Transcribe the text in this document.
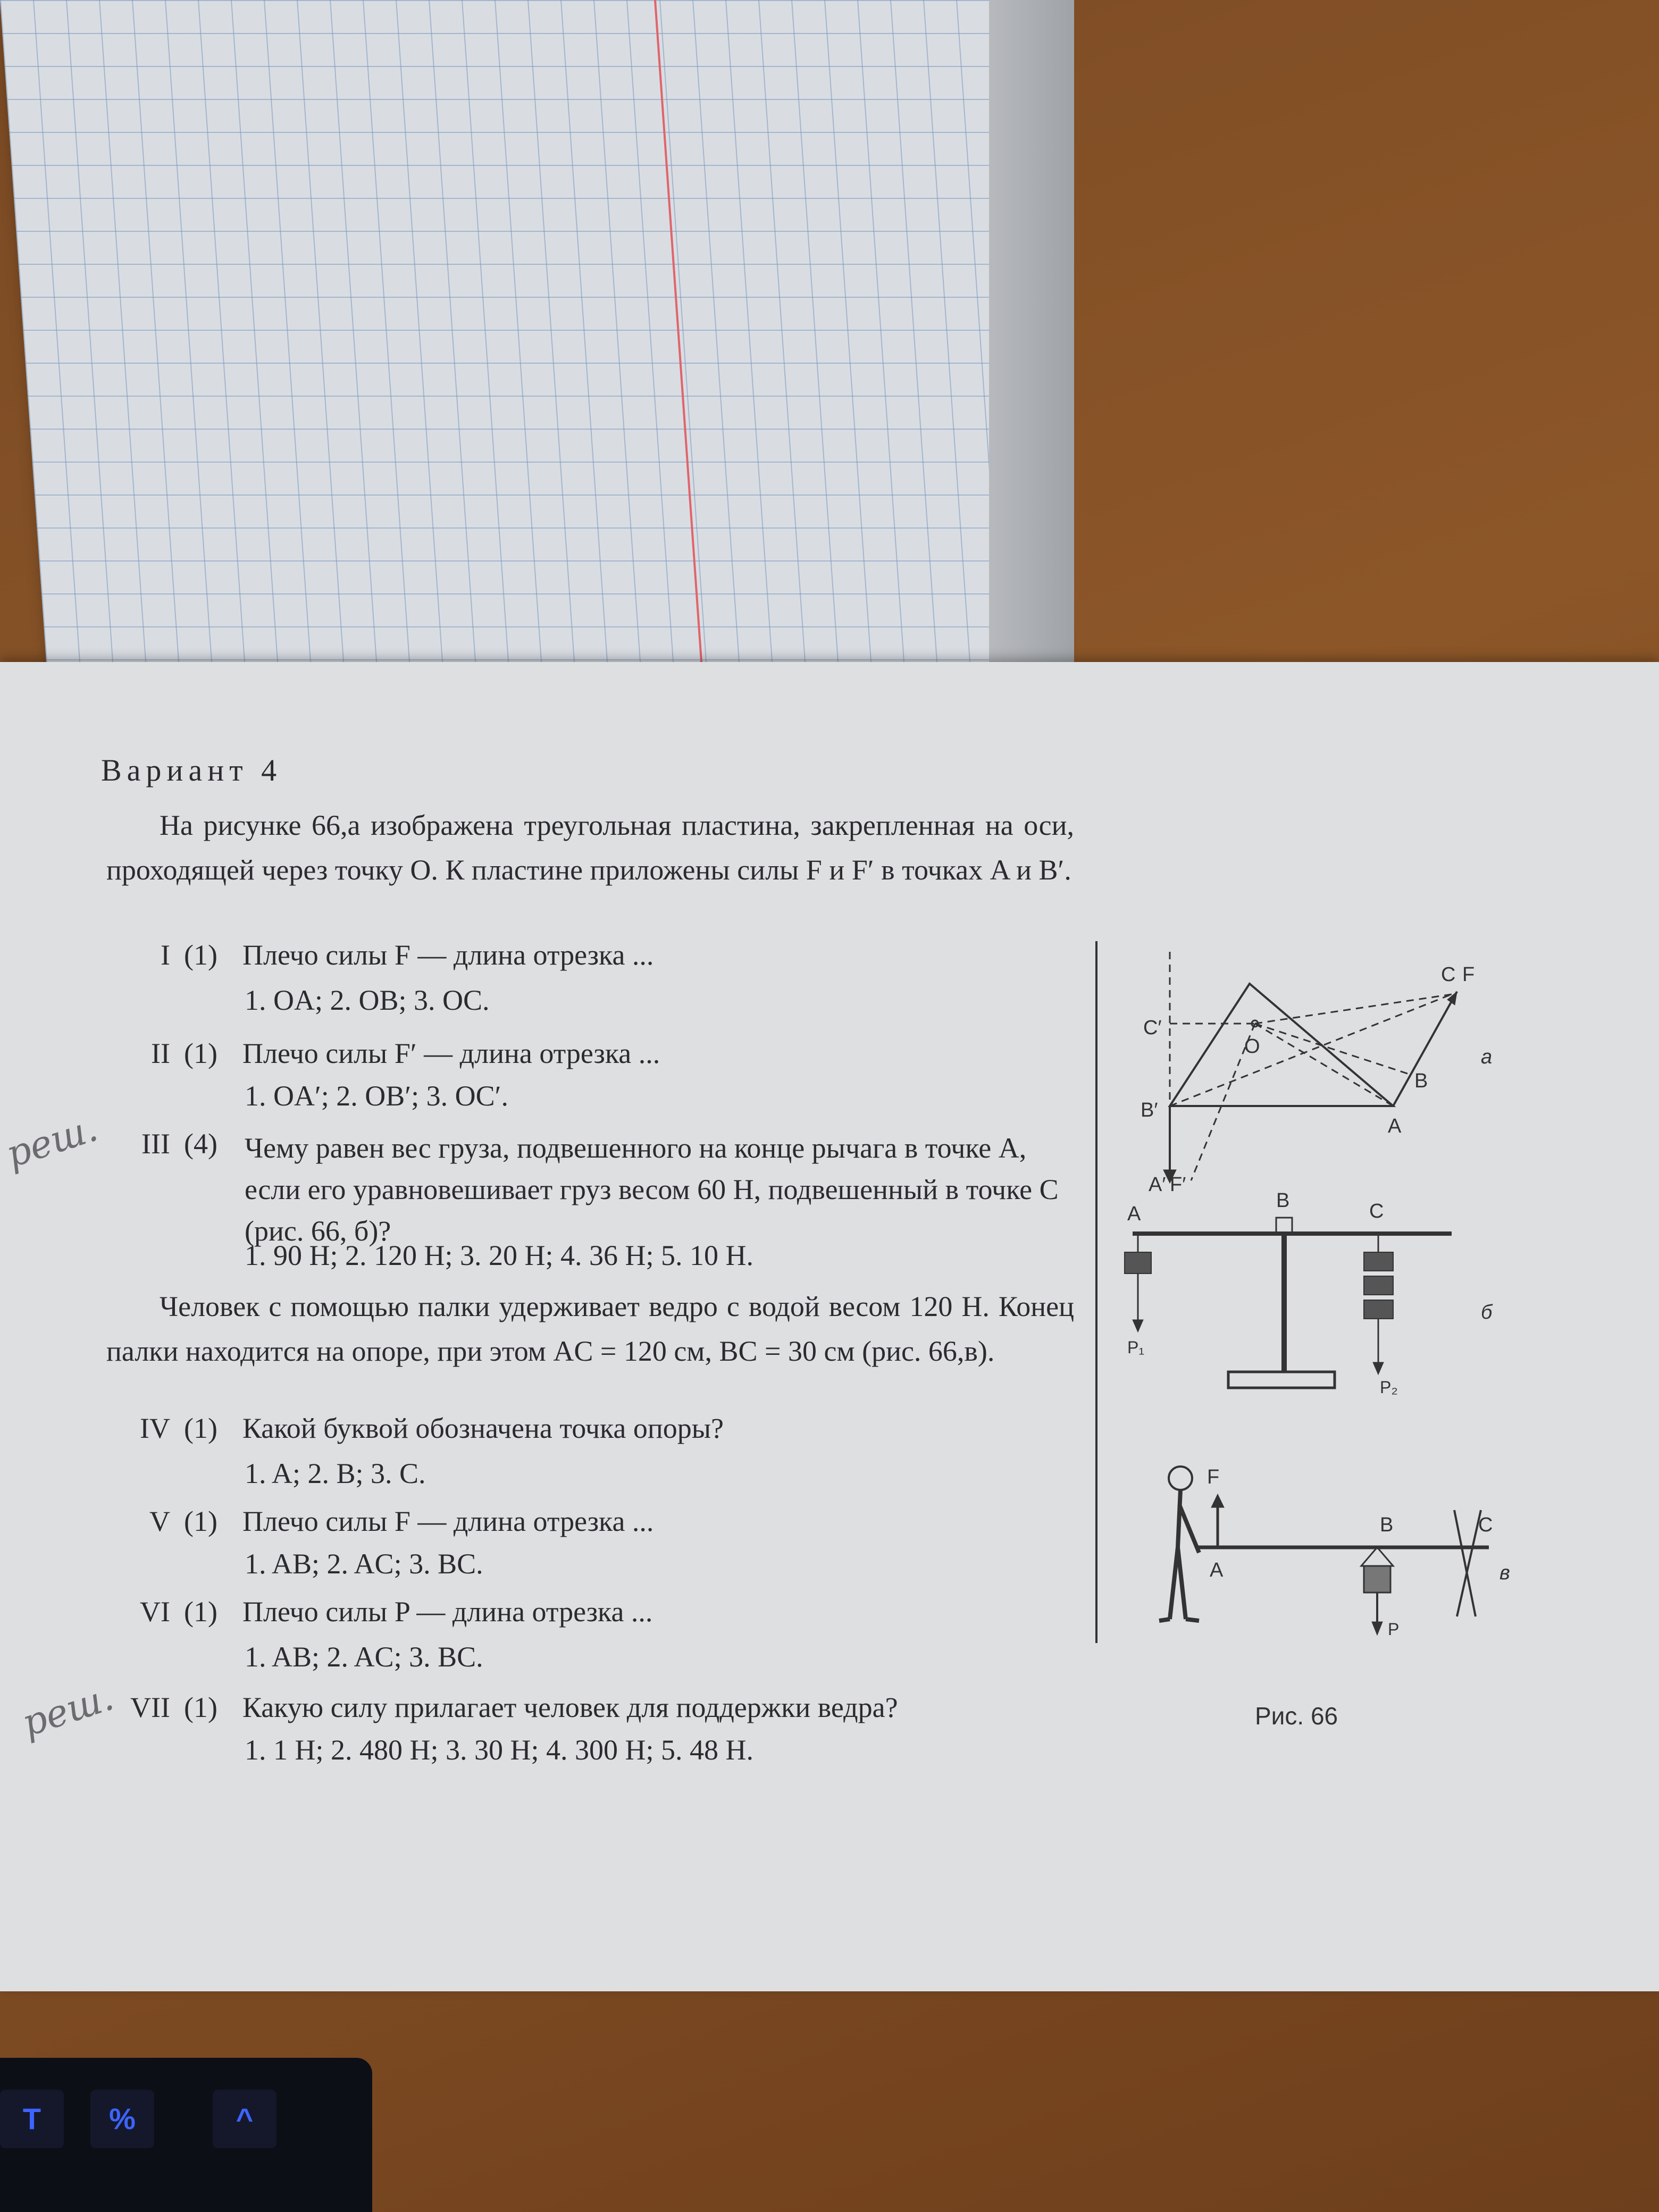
Вариант 4
На рисунке 66,а изображена треугольная пластина, закрепленная на оси, проходящей через точку O. К пластине приложены силы F и F′ в точках A и B′.
I (1) Плечо силы F — длина отрезка ...
1. OA; 2. OB; 3. OC.
II (1) Плечо силы F′ — длина отрезка ...
1. OA′; 2. OB′; 3. OC′.
III (4) Чему равен вес груза, подвешенного на конце рычага в точке A, если его уравновешивает груз весом 60 Н, подвешенный в точке C (рис. 66, б)?
1. 90 Н; 2. 120 Н; 3. 20 Н; 4. 36 Н; 5. 10 Н.
Человек с помощью палки удерживает ведро с водой весом 120 Н. Конец палки находится на опоре, при этом AC = 120 см, BC = 30 см (рис. 66,в).
IV (1) Какой буквой обозначена точка опоры?
1. A; 2. B; 3. C.
V (1) Плечо силы F — длина отрезка ...
1. AB; 2. AC; 3. BC.
VI (1) Плечо силы P — длина отрезка ...
1. AB; 2. AC; 3. BC.
VII (1) Какую силу прилагает человек для поддержки ведра?
1. 1 Н; 2. 480 Н; 3. 30 Н; 4. 300 Н; 5. 48 Н.
реш.
реш.
C′
O
B′
A
B
C F
A′ F′
а
A
B	C
P₁
P₂
б
F
A
B	C
P
в
Рис. 66
T	%	^
